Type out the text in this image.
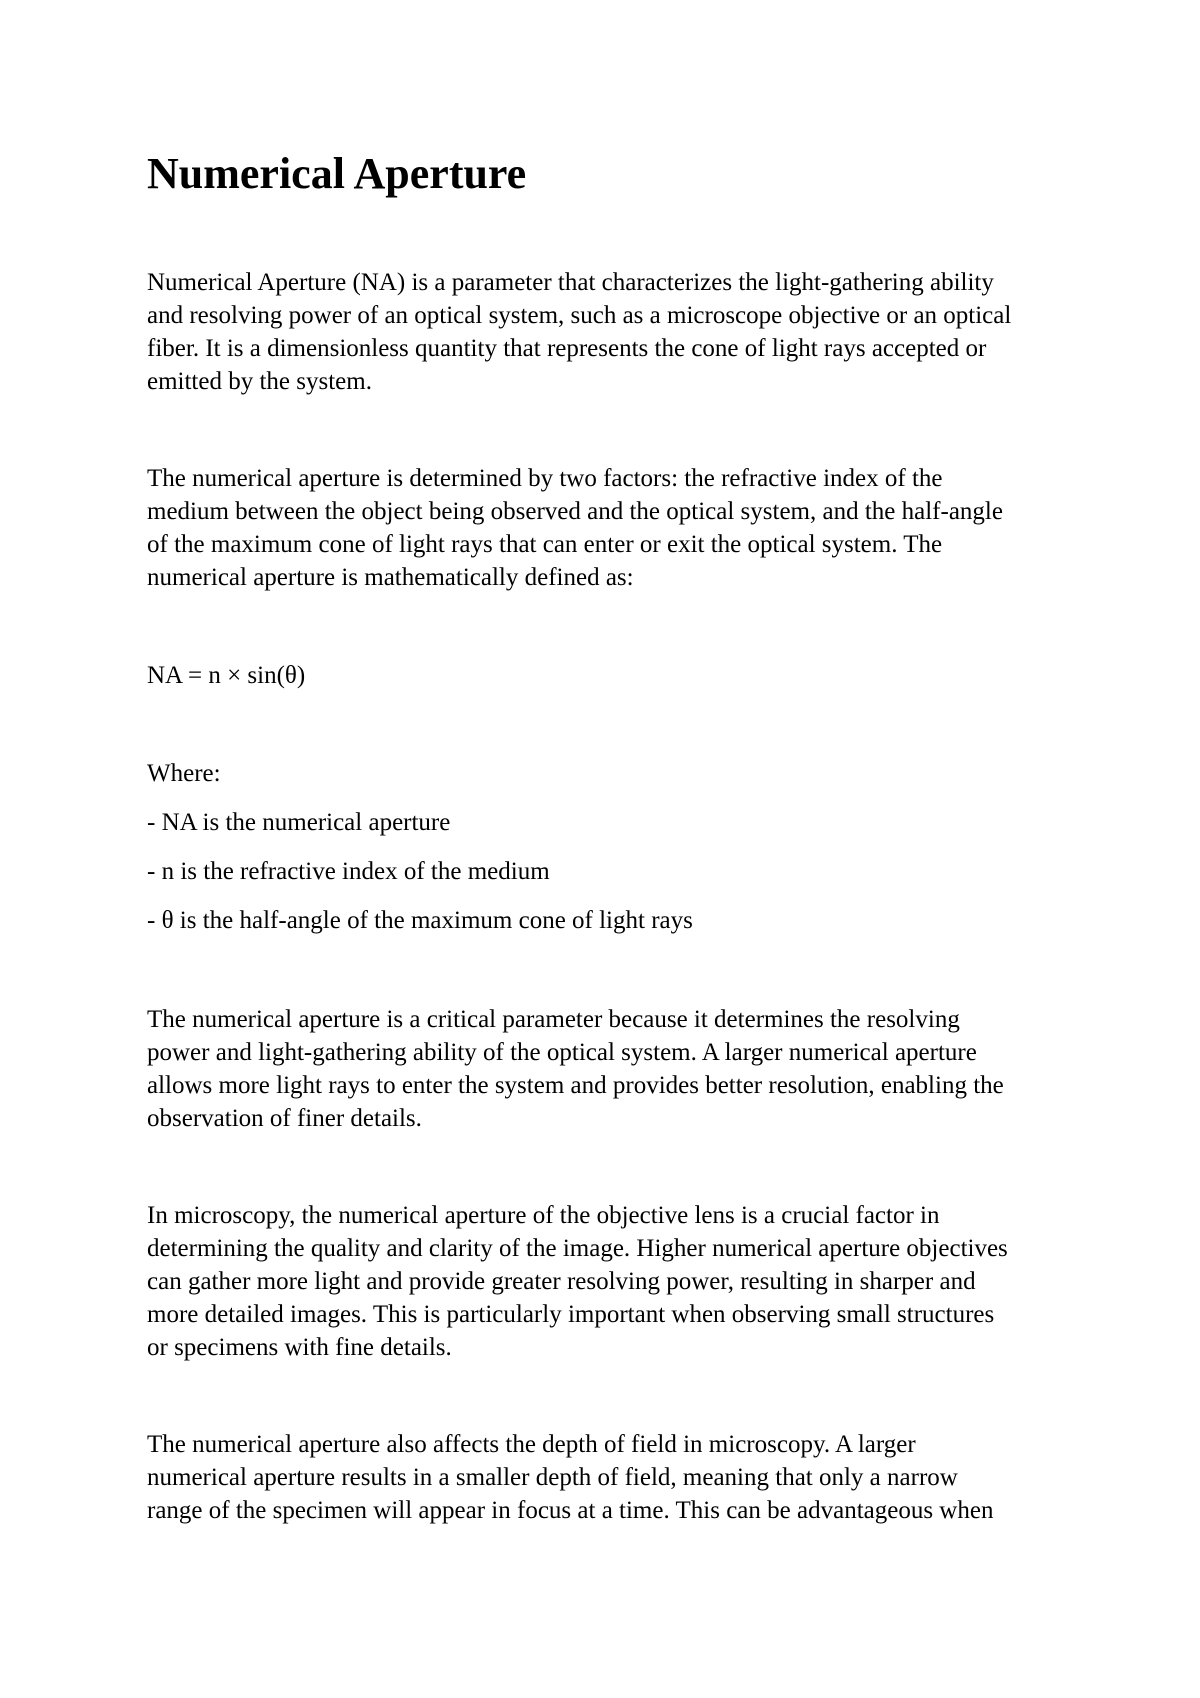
Numerical Aperture

Numerical Aperture (NA) is a parameter that characterizes the light-gathering ability
and resolving power of an optical system, such as a microscope objective or an optical
fiber. It is a dimensionless quantity that represents the cone of light rays accepted or
emitted by the system.

The numerical aperture is determined by two factors: the refractive index of the
medium between the object being observed and the optical system, and the half-angle
of the maximum cone of light rays that can enter or exit the optical system. The
numerical aperture is mathematically defined as:

NA = n × sin(θ)

Where:

- NA is the numerical aperture

- n is the refractive index of the medium

- θ is the half-angle of the maximum cone of light rays

The numerical aperture is a critical parameter because it determines the resolving
power and light-gathering ability of the optical system. A larger numerical aperture
allows more light rays to enter the system and provides better resolution, enabling the
observation of finer details.

In microscopy, the numerical aperture of the objective lens is a crucial factor in
determining the quality and clarity of the image. Higher numerical aperture objectives
can gather more light and provide greater resolving power, resulting in sharper and
more detailed images. This is particularly important when observing small structures
or specimens with fine details.

The numerical aperture also affects the depth of field in microscopy. A larger
numerical aperture results in a smaller depth of field, meaning that only a narrow
range of the specimen will appear in focus at a time. This can be advantageous when
